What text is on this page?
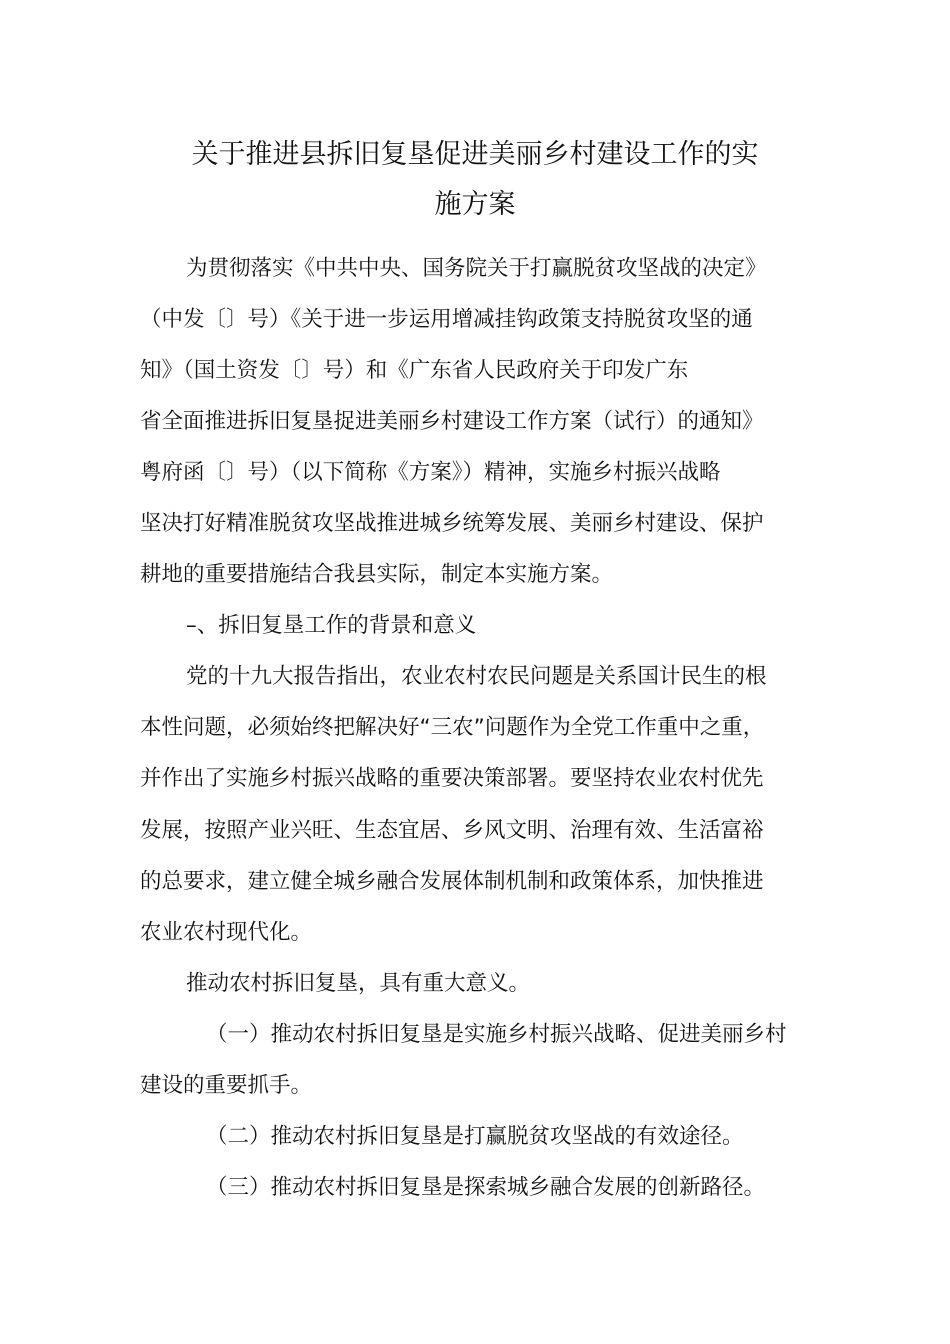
关于推进县拆旧复垦促进美丽乡村建设工作的实

施方案

为贯彻落实《中共中央、国务院关于打赢脱贫攻坚战的决定》

（中发〔〕号）《关于进一步运用增减挂钩政策支持脱贫攻坚的通

知》（国土资发〔〕号）和《广东省人民政府关于印发广东

省全面推进拆旧复垦捉进美丽乡村建设工作方案（试行）的通知》

粤府函〔〕号）（以下简称《方案》）精神，实施乡村振兴战略

坚决打好精准脱贫攻坚战推进城乡统筹发展、美丽乡村建设、保护

耕地的重要措施结合我县实际，制定本实施方案。

–、拆旧复垦工作的背景和意义

党的十九大报告指出，农业农村农民问题是关系国计民生的根

本性问题，必须始终把解决好“三农”问题作为全党工作重中之重，

并作出了实施乡村振兴战略的重要决策部署。要坚持农业农村优先

发展，按照产业兴旺、生态宜居、乡风文明、治理有效、生活富裕

的总要求，建立健全城乡融合发展体制机制和政策体系，加快推进

农业农村现代化。

推动农村拆旧复垦，具有重大意义。

（一）推动农村拆旧复垦是实施乡村振兴战略、促进美丽乡村

建设的重要抓手。

（二）推动农村拆旧复垦是打赢脱贫攻坚战的有效途径。

（三）推动农村拆旧复垦是探索城乡融合发展的创新路径。
